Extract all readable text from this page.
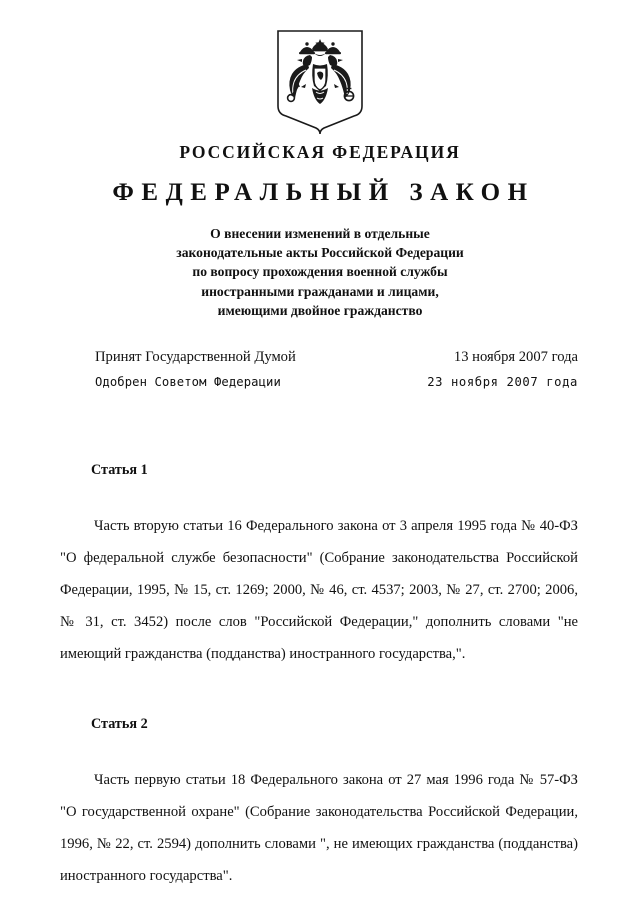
РОССИЙСКАЯ ФЕДЕРАЦИЯ
ФЕДЕРАЛЬНЫЙ ЗАКОН
О внесении изменений в отдельные
законодательные акты Российской Федерации
по вопросу прохождения военной службы
иностранными гражданами и лицами,
имеющими двойное гражданство
Принят Государственной Думой	13 ноября 2007 года
Одобрен Советом Федерации	23 ноября 2007 года
Статья 1

Часть вторую статьи 16 Федерального закона от 3 апреля 1995 года № 40-ФЗ "О федеральной службе безопасности" (Собрание законодательства Российской Федерации, 1995, № 15, ст. 1269; 2000, № 46, ст. 4537; 2003, № 27, ст. 2700; 2006, № 31, ст. 3452) после слов "Российской Федерации," дополнить словами "не имеющий гражданства (подданства) иностранного государства,".

Статья 2

Часть первую статьи 18 Федерального закона от 27 мая 1996 года № 57-ФЗ "О государственной охране" (Собрание законодательства Российской Федерации, 1996, № 22, ст. 2594) дополнить словами ", не имеющих гражданства (подданства) иностранного государства".
